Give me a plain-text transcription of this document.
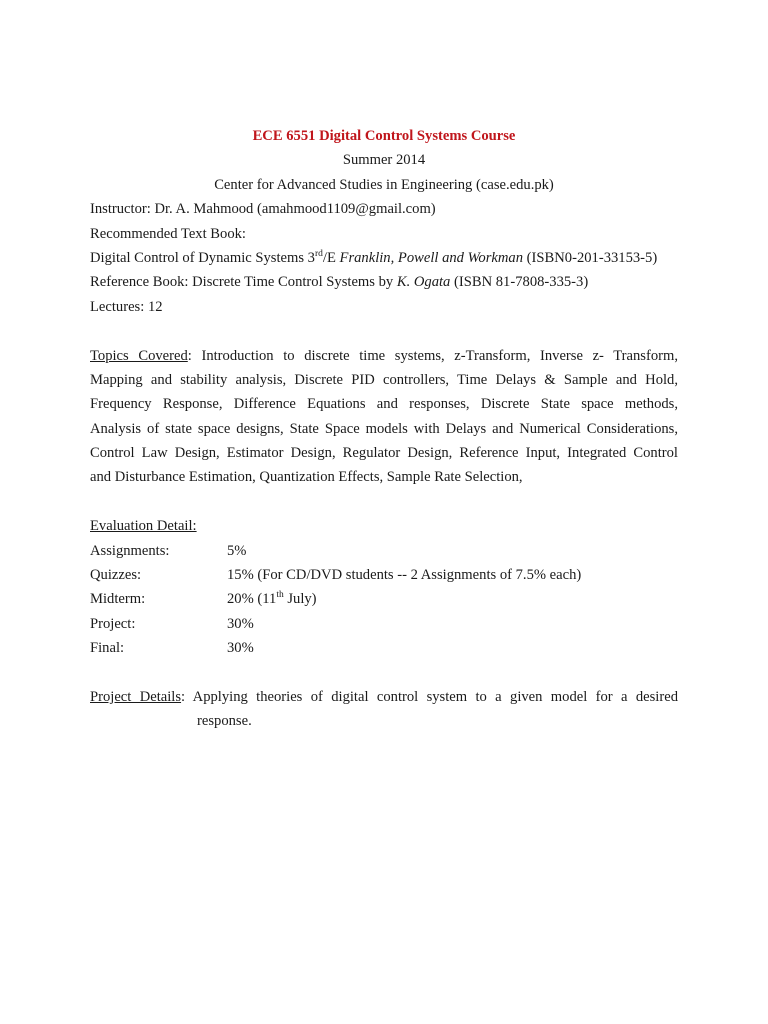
ECE 6551 Digital Control Systems Course
Summer 2014
Center for Advanced Studies in Engineering (case.edu.pk)
Instructor: Dr. A. Mahmood (amahmood1109@gmail.com)
Recommended Text Book:
Digital Control of Dynamic Systems 3rd/E Franklin, Powell and Workman (ISBN0-201-33153-5)
Reference Book: Discrete Time Control Systems by K. Ogata (ISBN 81-7808-335-3)
Lectures: 12
Topics Covered: Introduction to discrete time systems, z-Transform, Inverse z- Transform,
Mapping and stability analysis, Discrete PID controllers, Time Delays & Sample and Hold,
Frequency Response, Difference Equations and responses, Discrete State space methods,
Analysis of state space designs, State Space models with Delays and Numerical Considerations,
Control Law Design, Estimator Design, Regulator Design, Reference Input, Integrated Control
and Disturbance Estimation, Quantization Effects, Sample Rate Selection,
Evaluation Detail:
Assignments:	5%
Quizzes:	15% (For CD/DVD students -- 2 Assignments of 7.5% each)
Midterm:	20% (11th July)
Project:	30%
Final:	30%
Project Details: Applying theories of digital control system to a given model for a desired
response.
